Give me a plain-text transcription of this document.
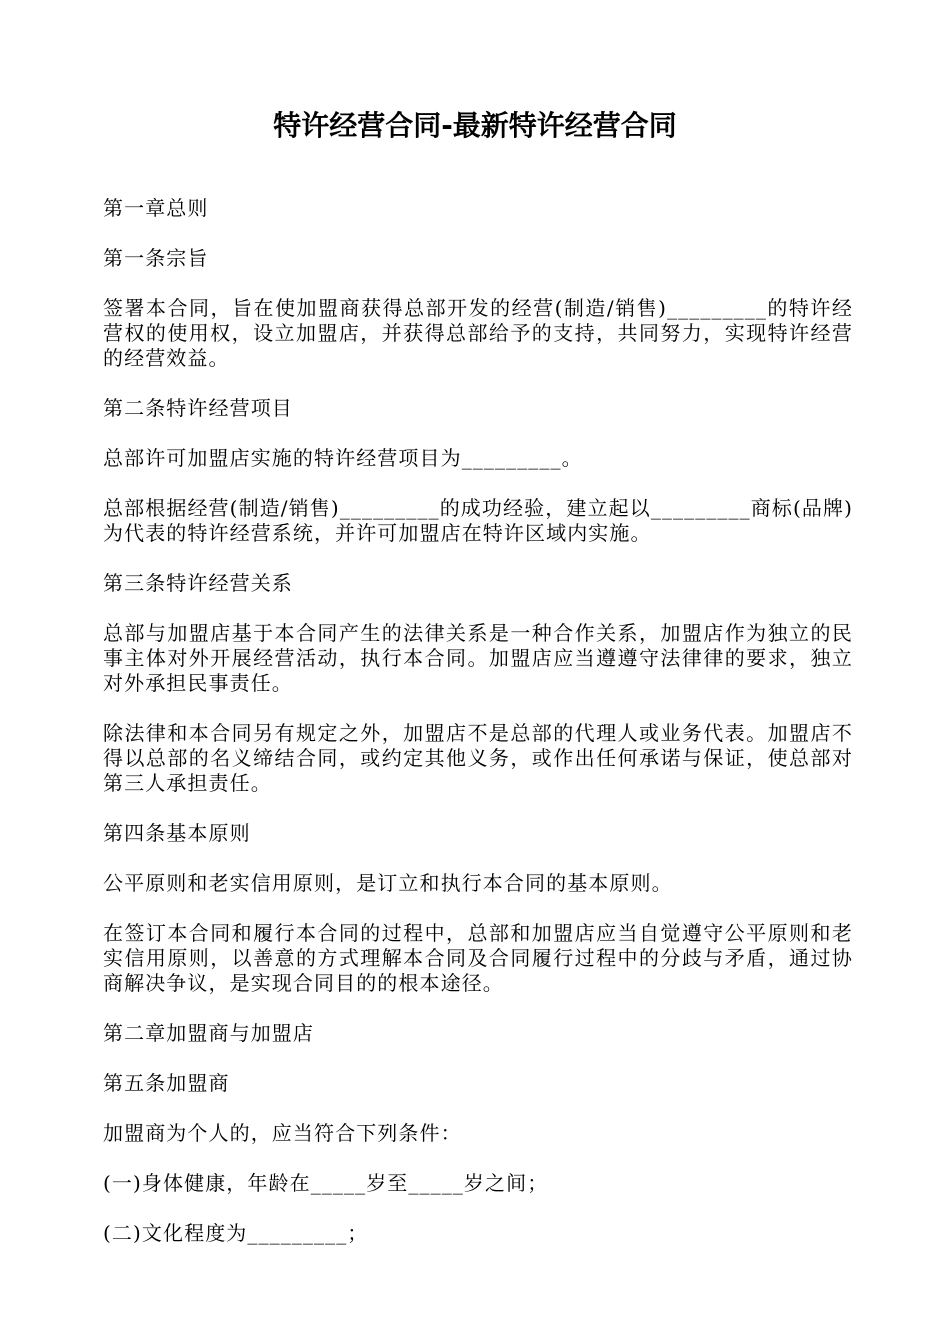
特许经营合同-最新特许经营合同

第一章总则

第一条宗旨

签署本合同，旨在使加盟商获得总部开发的经营(制造/销售)_________的特许经营权的使用权，设立加盟店，并获得总部给予的支持，共同努力，实现特许经营的经营效益。

第二条特许经营项目

总部许可加盟店实施的特许经营项目为_________。

总部根据经营(制造/销售)_________的成功经验，建立起以_________商标(品牌)为代表的特许经营系统，并许可加盟店在特许区域内实施。

第三条特许经营关系

总部与加盟店基于本合同产生的法律关系是一种合作关系，加盟店作为独立的民事主体对外开展经营活动，执行本合同。加盟店应当遵遵守法律律的要求，独立对外承担民事责任。

除法律和本合同另有规定之外，加盟店不是总部的代理人或业务代表。加盟店不得以总部的名义缔结合同，或约定其他义务，或作出任何承诺与保证，使总部对第三人承担责任。

第四条基本原则

公平原则和老实信用原则，是订立和执行本合同的基本原则。

在签订本合同和履行本合同的过程中，总部和加盟店应当自觉遵守公平原则和老实信用原则，以善意的方式理解本合同及合同履行过程中的分歧与矛盾，通过协商解决争议，是实现合同目的的根本途径。

第二章加盟商与加盟店

第五条加盟商

加盟商为个人的，应当符合下列条件：

(一)身体健康，年龄在_____岁至_____岁之间；

(二)文化程度为_________；
